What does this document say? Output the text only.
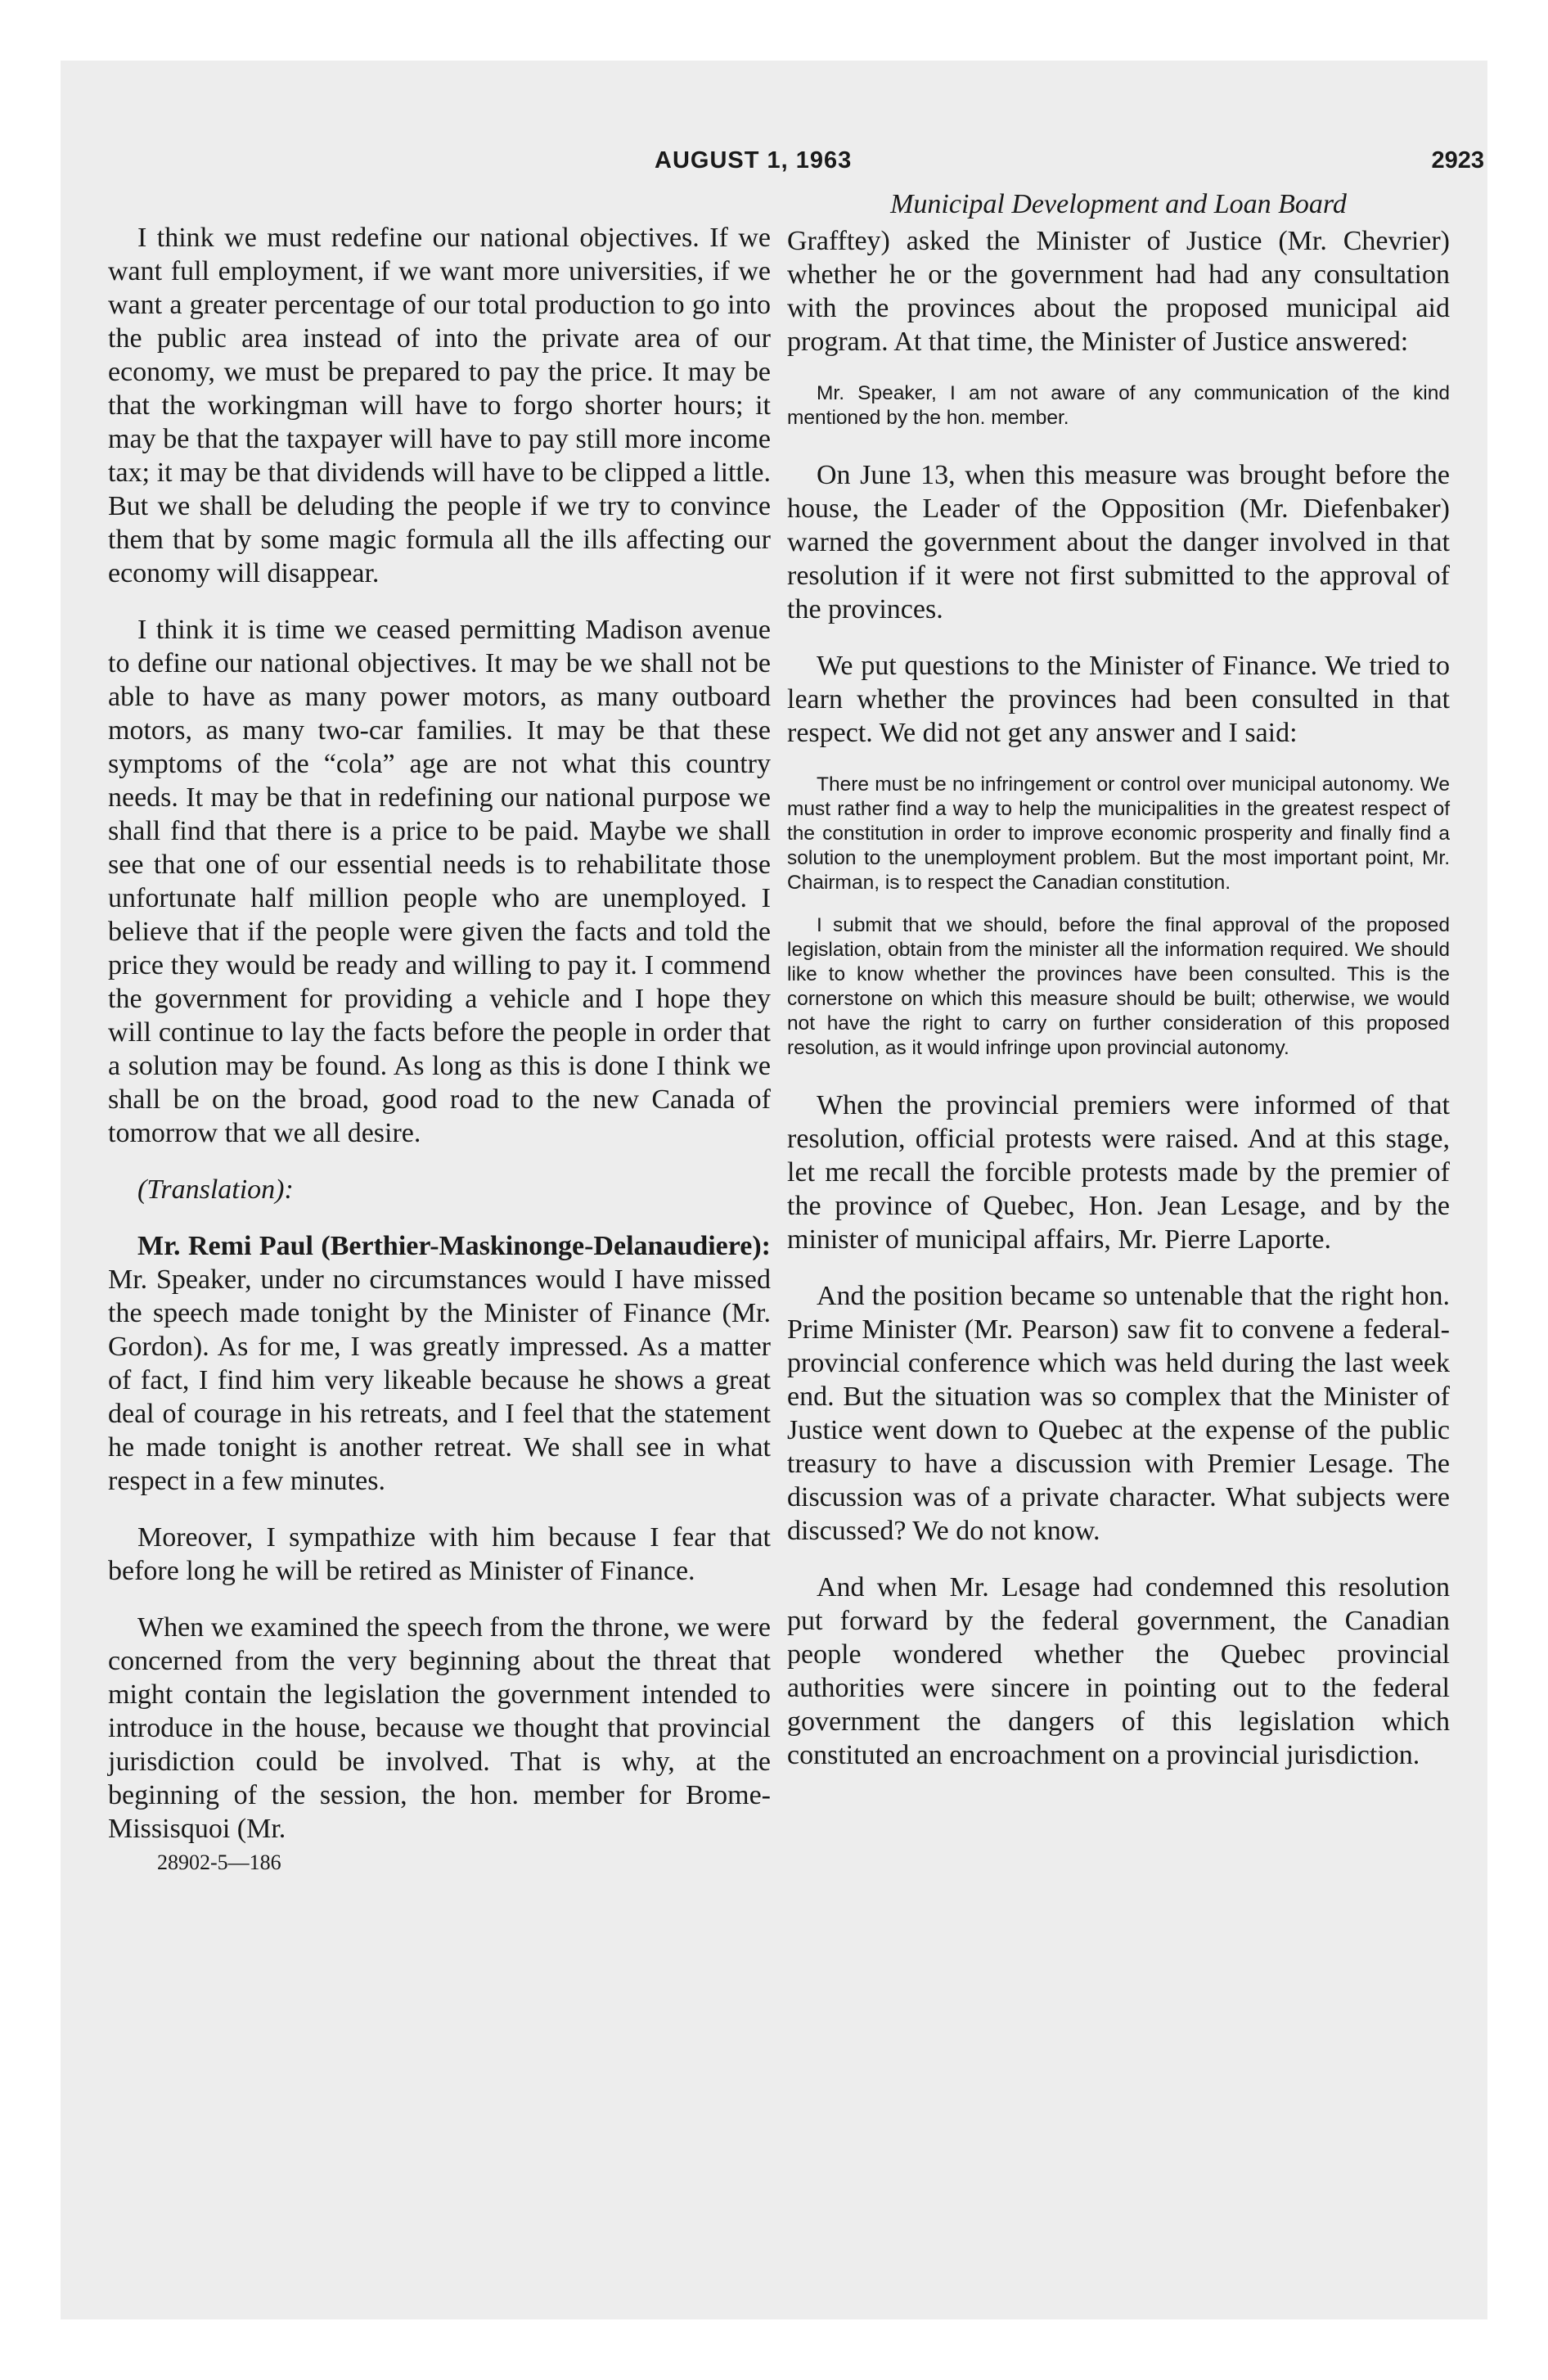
AUGUST 1, 1963	2923

I think we must redefine our national objectives. If we want full employment, if we want more universities, if we want a greater percentage of our total production to go into the public area instead of into the private area of our economy, we must be prepared to pay the price. It may be that the workingman will have to forgo shorter hours; it may be that the taxpayer will have to pay still more income tax; it may be that dividends will have to be clipped a little. But we shall be deluding the people if we try to convince them that by some magic formula all the ills affecting our economy will disappear.

I think it is time we ceased permitting Madison avenue to define our national objectives. It may be we shall not be able to have as many power motors, as many outboard motors, as many two-car families. It may be that these symptoms of the “cola” age are not what this country needs. It may be that in redefining our national purpose we shall find that there is a price to be paid. Maybe we shall see that one of our essential needs is to rehabilitate those unfortunate half million people who are unemployed. I believe that if the people were given the facts and told the price they would be ready and willing to pay it. I commend the government for providing a vehicle and I hope they will continue to lay the facts before the people in order that a solution may be found. As long as this is done I think we shall be on the broad, good road to the new Canada of tomorrow that we all desire.

(Translation):

Mr. Remi Paul (Berthier-Maskinonge-Delanaudiere): Mr. Speaker, under no circumstances would I have missed the speech made tonight by the Minister of Finance (Mr. Gordon). As for me, I was greatly impressed. As a matter of fact, I find him very likeable because he shows a great deal of courage in his retreats, and I feel that the statement he made tonight is another retreat. We shall see in what respect in a few minutes.

Moreover, I sympathize with him because I fear that before long he will be retired as Minister of Finance.

When we examined the speech from the throne, we were concerned from the very beginning about the threat that might contain the legislation the government intended to introduce in the house, because we thought that provincial jurisdiction could be involved. That is why, at the beginning of the session, the hon. member for Brome-Missisquoi (Mr.

28902-5—186
Municipal Development and Loan Board

Grafftey) asked the Minister of Justice (Mr. Chevrier) whether he or the government had had any consultation with the provinces about the proposed municipal aid program. At that time, the Minister of Justice answered:

Mr. Speaker, I am not aware of any communication of the kind mentioned by the hon. member.

On June 13, when this measure was brought before the house, the Leader of the Opposition (Mr. Diefenbaker) warned the government about the danger involved in that resolution if it were not first submitted to the approval of the provinces.

We put questions to the Minister of Finance. We tried to learn whether the provinces had been consulted in that respect. We did not get any answer and I said:

There must be no infringement or control over municipal autonomy. We must rather find a way to help the municipalities in the greatest respect of the constitution in order to improve economic prosperity and finally find a solution to the unemployment problem. But the most important point, Mr. Chairman, is to respect the Canadian constitution.

I submit that we should, before the final approval of the proposed legislation, obtain from the minister all the information required. We should like to know whether the provinces have been consulted. This is the cornerstone on which this measure should be built; otherwise, we would not have the right to carry on further consideration of this proposed resolution, as it would infringe upon provincial autonomy.

When the provincial premiers were informed of that resolution, official protests were raised. And at this stage, let me recall the forcible protests made by the premier of the province of Quebec, Hon. Jean Lesage, and by the minister of municipal affairs, Mr. Pierre Laporte.

And the position became so untenable that the right hon. Prime Minister (Mr. Pearson) saw fit to convene a federal-provincial conference which was held during the last week end. But the situation was so complex that the Minister of Justice went down to Quebec at the expense of the public treasury to have a discussion with Premier Lesage. The discussion was of a private character. What subjects were discussed? We do not know.

And when Mr. Lesage had condemned this resolution put forward by the federal government, the Canadian people wondered whether the Quebec provincial authorities were sincere in pointing out to the federal government the dangers of this legislation which constituted an encroachment on a provincial jurisdiction.
